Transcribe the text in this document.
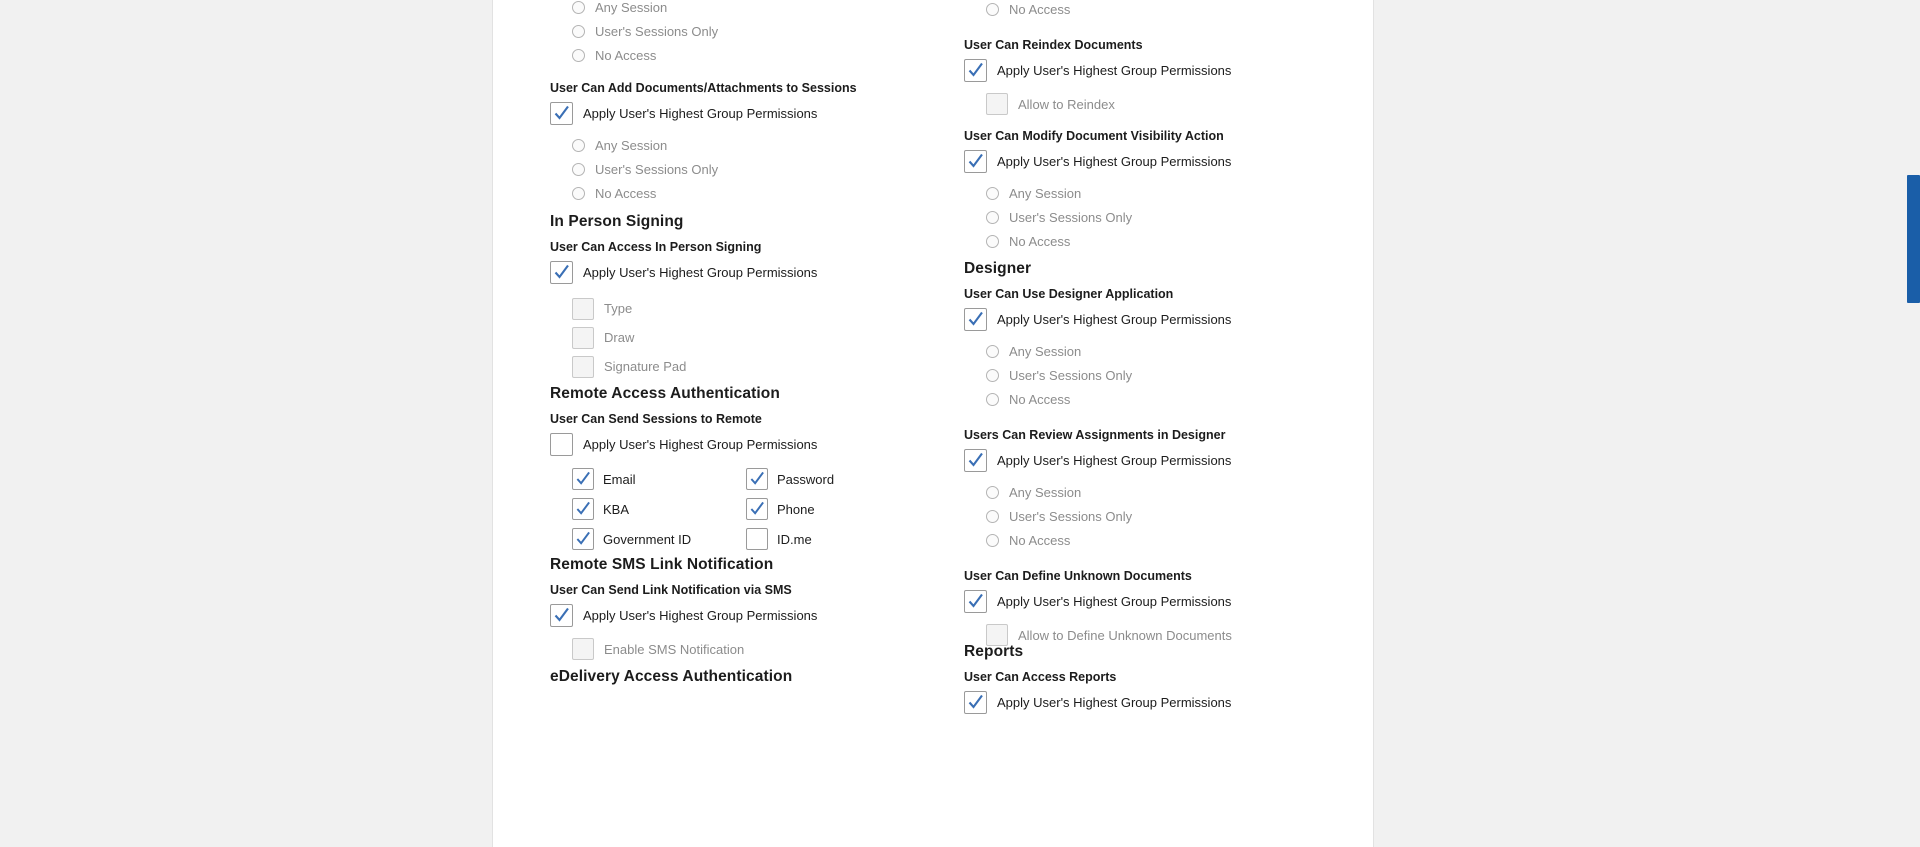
Any Session
User's Sessions Only
No Access
User Can Add Documents/Attachments to Sessions
Apply User's Highest Group Permissions
Any Session
User's Sessions Only
No Access
In Person Signing
User Can Access In Person Signing
Apply User's Highest Group Permissions
Type
Draw
Signature Pad
Remote Access Authentication
User Can Send Sessions to Remote
Apply User's Highest Group Permissions
Email	Password
KBA	Phone
Government ID	ID.me
Remote SMS Link Notification
User Can Send Link Notification via SMS
Apply User's Highest Group Permissions
Enable SMS Notification
eDelivery Access Authentication
No Access
User Can Reindex Documents
Apply User's Highest Group Permissions
Allow to Reindex
User Can Modify Document Visibility Action
Apply User's Highest Group Permissions
Any Session
User's Sessions Only
No Access
Designer
User Can Use Designer Application
Apply User's Highest Group Permissions
Any Session
User's Sessions Only
No Access
Users Can Review Assignments in Designer
Apply User's Highest Group Permissions
Any Session
User's Sessions Only
No Access
User Can Define Unknown Documents
Apply User's Highest Group Permissions
Allow to Define Unknown Documents
Reports
User Can Access Reports
Apply User's Highest Group Permissions
